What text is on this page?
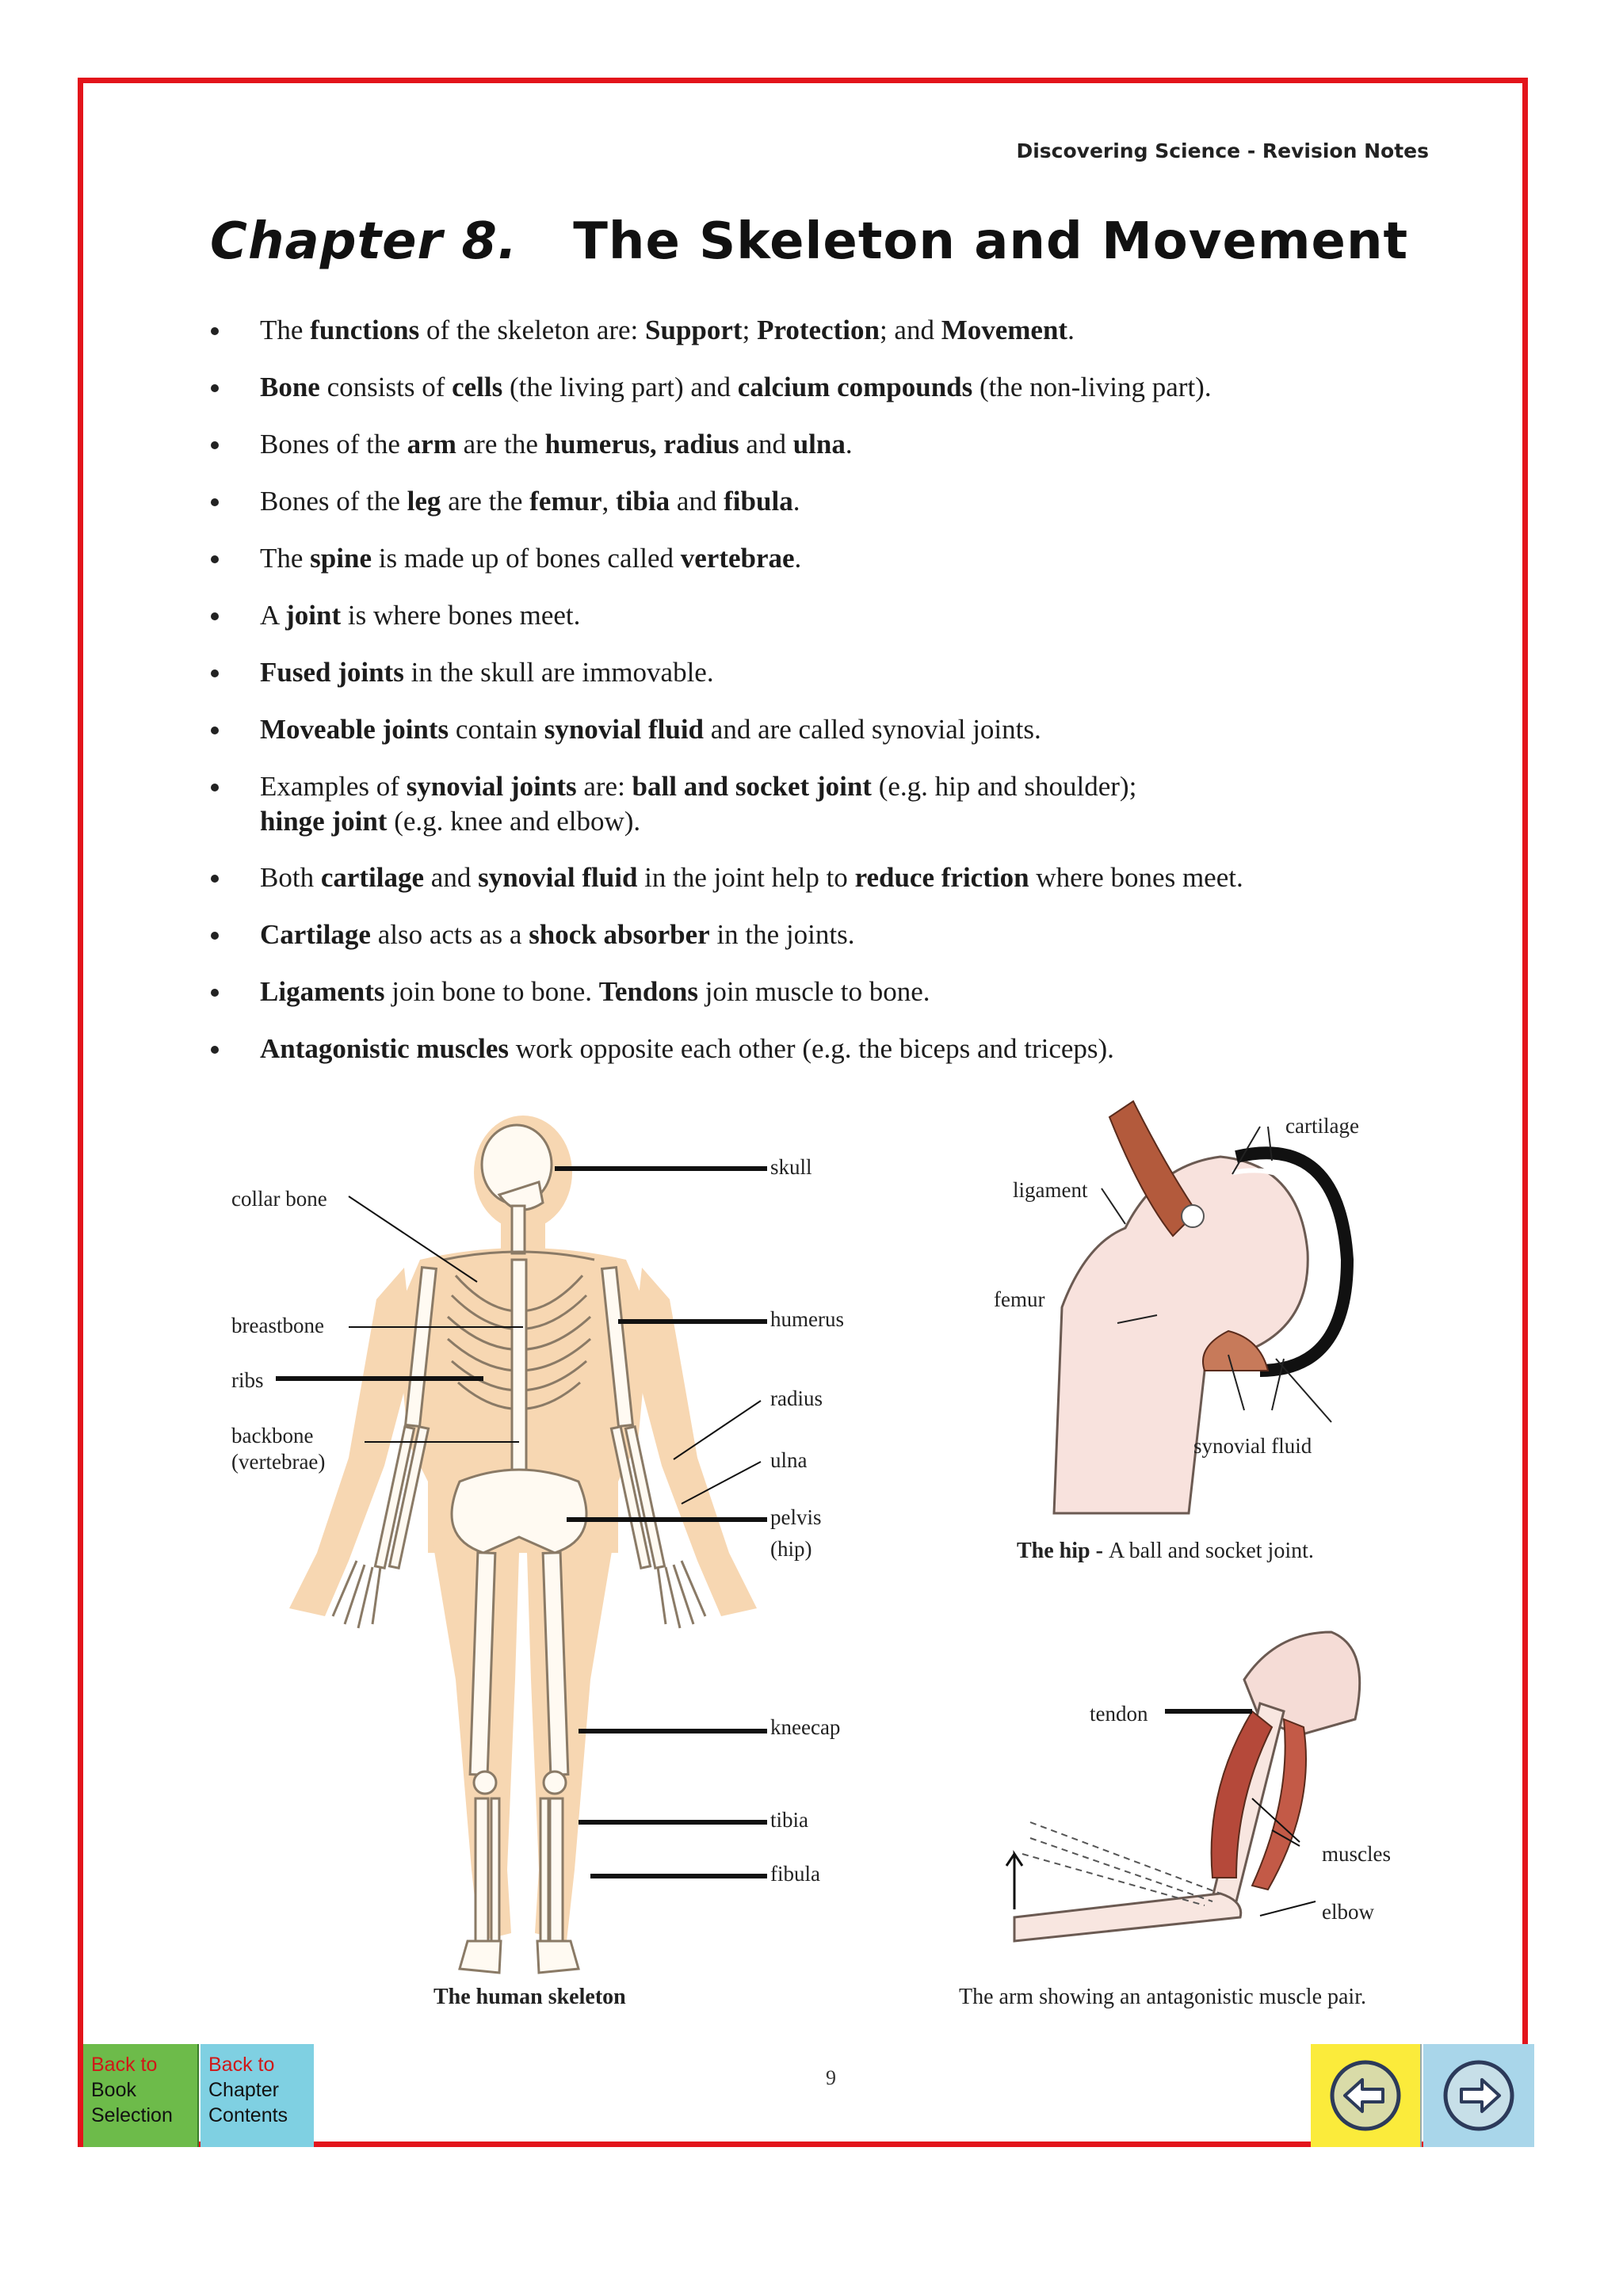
Discovering Science - Revision Notes
Chapter 8. The Skeleton and Movement
The functions of the skeleton are: Support; Protection; and Movement.
Bone consists of cells (the living part) and calcium compounds (the non-living part).
Bones of the arm are the humerus, radius and ulna.
Bones of the leg are the femur, tibia and fibula.
The spine is made up of bones called vertebrae.
A joint is where bones meet.
Fused joints in the skull are immovable.
Moveable joints contain synovial fluid and are called synovial joints.
Examples of synovial joints are: ball and socket joint (e.g. hip and shoulder);
hinge joint (e.g. knee and elbow).
Both cartilage and synovial fluid in the joint help to reduce friction where bones meet.
Cartilage also acts as a shock absorber in the joints.
Ligaments join bone to bone. Tendons join muscle to bone.
Antagonistic muscles work opposite each other (e.g. the biceps and triceps).
skull
collar bone
breastbone	humerus
ribs
radius
backbone
(vertebrae)	ulna
pelvis
(hip)
kneecap
tibia
fibula
The human skeleton
cartilage
ligament
femur
synovial fluid
The hip - A ball and socket joint.
tendon
muscles
elbow
The arm showing an antagonistic muscle pair.
9
Back to
Book
Selection
Back to
Chapter
Contents
